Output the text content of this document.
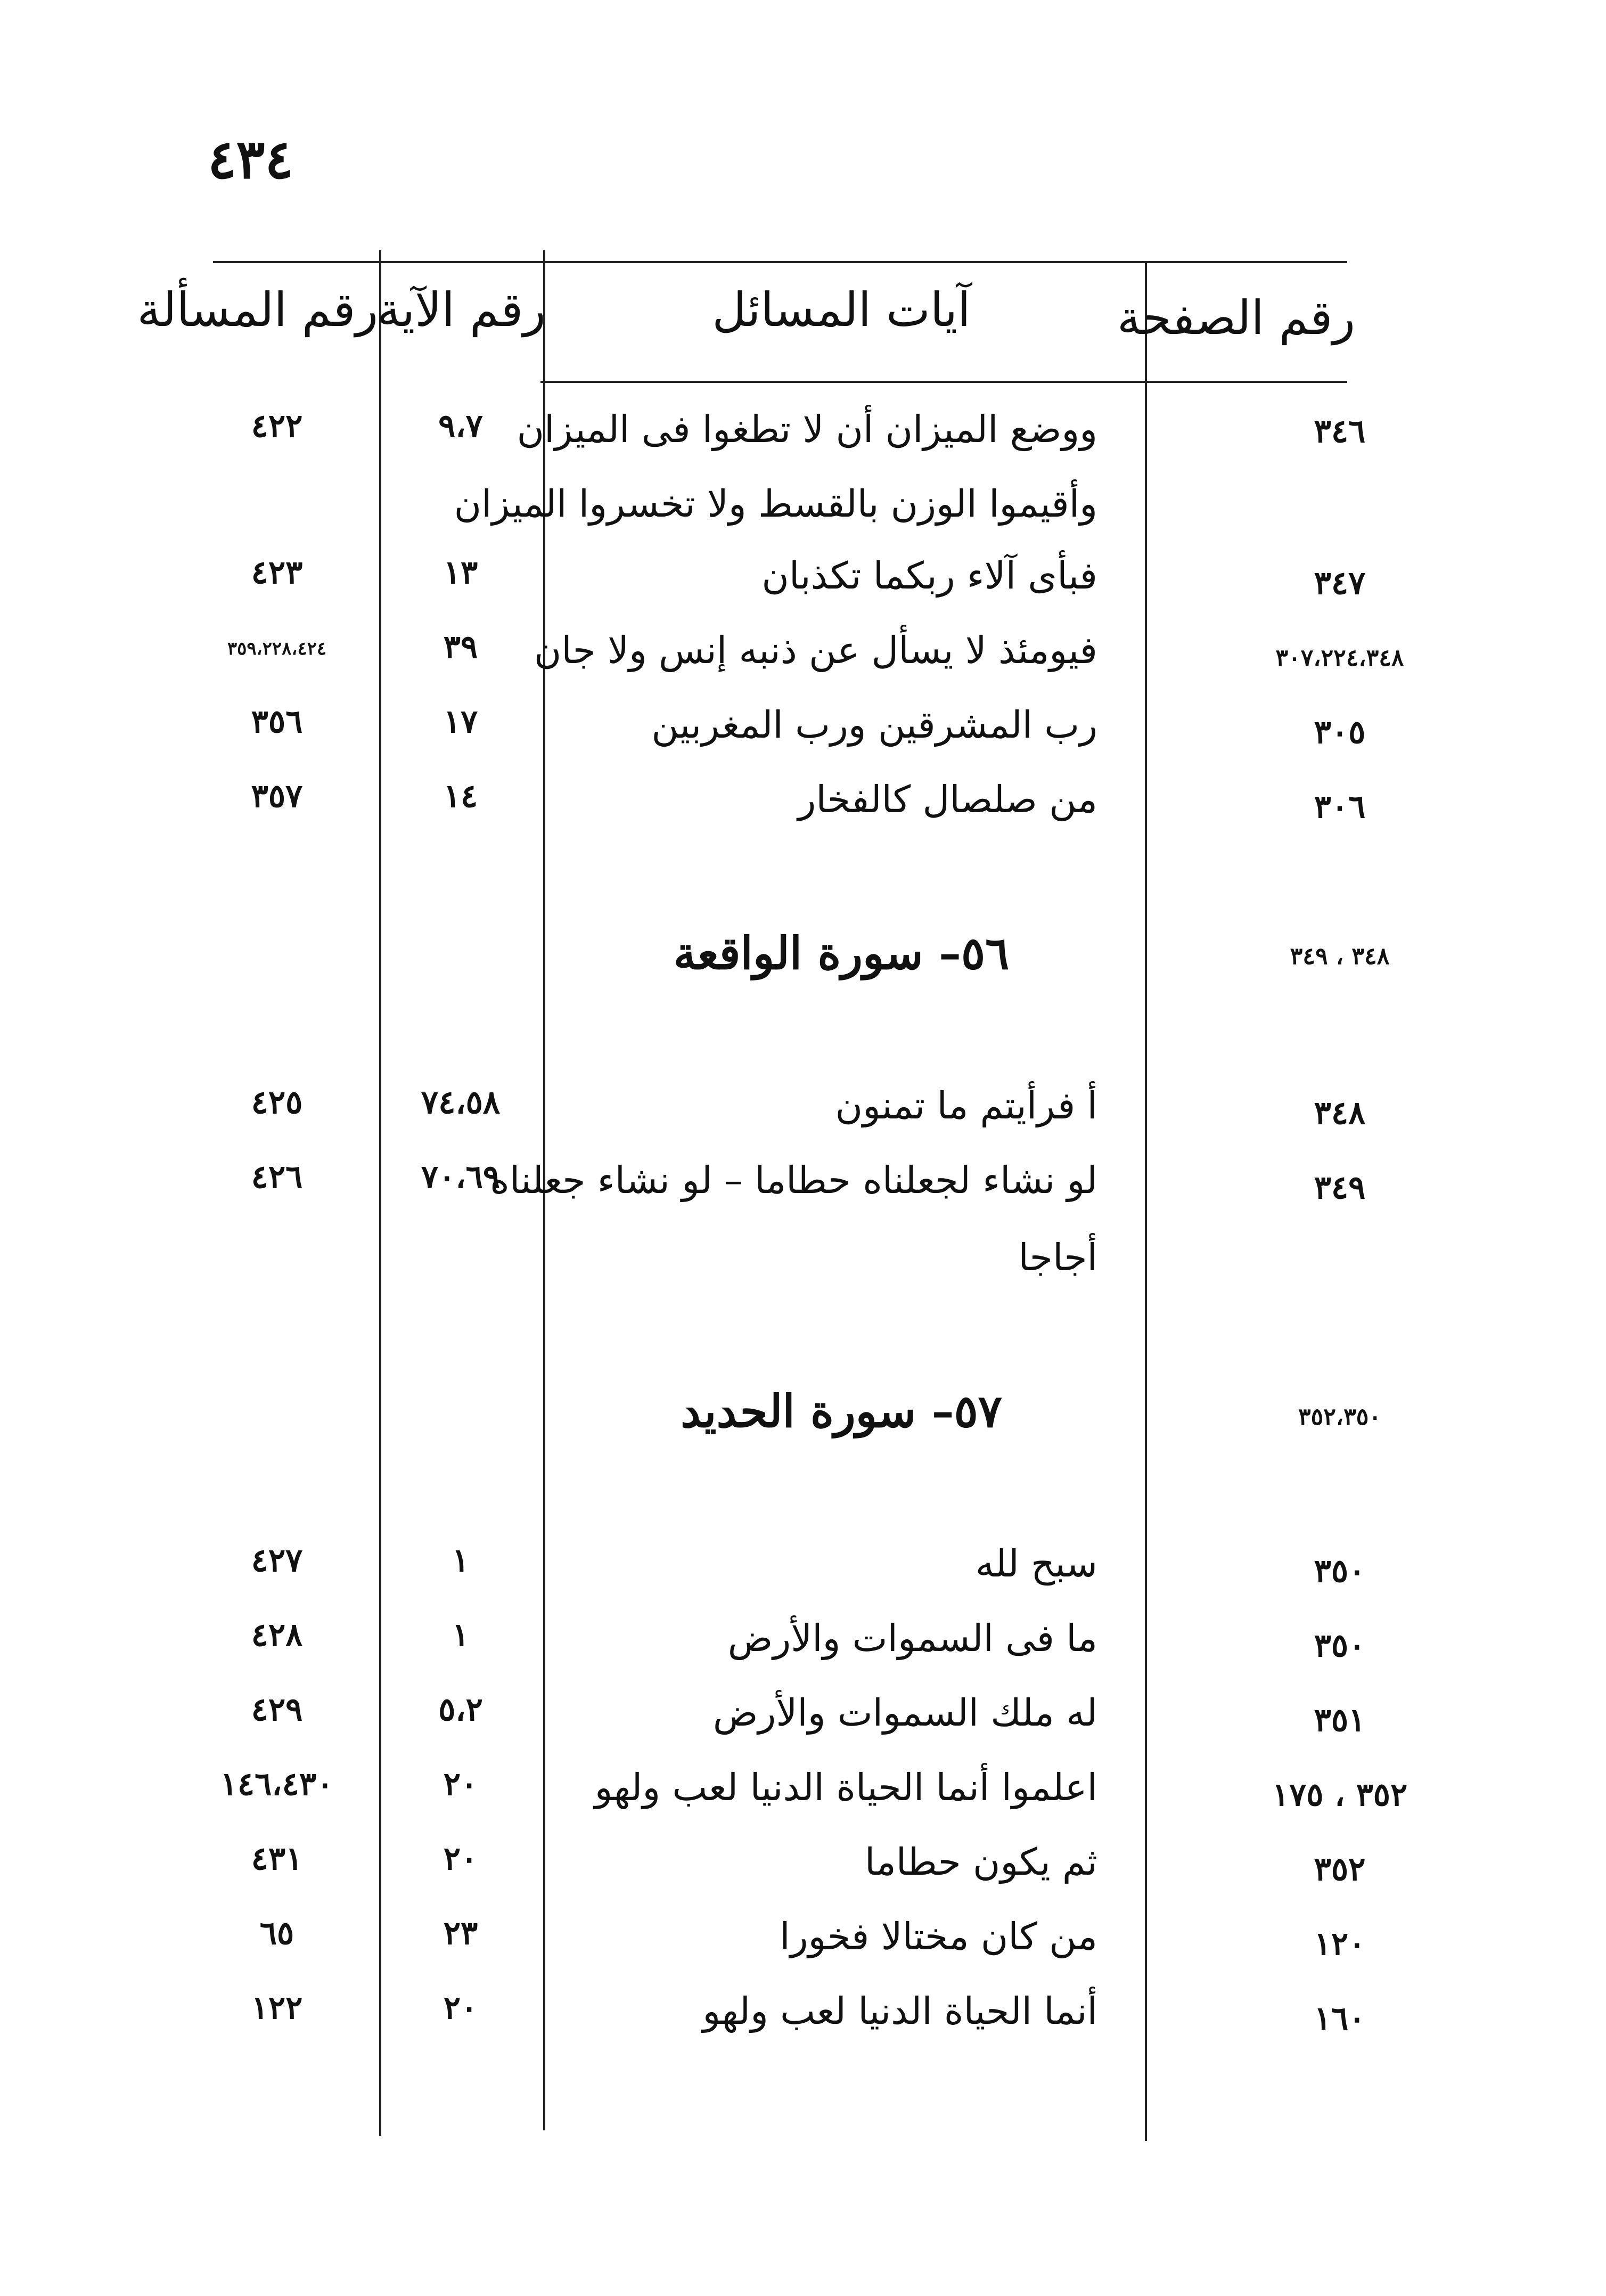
٤٣٤
رقم الصفحة
آيات المسائل
رقم الآية
رقم المسألة
٣٤٦
ووضع الميزان أن لا تطغوا فى الميزان
٩،٧
٤٢٢
وأقيموا الوزن بالقسط ولا تخسروا الميزان
٣٤٧
فبأى آلاء ربكما تكذبان
١٣
٤٢٣
٣٠٧،٢٢٤،٣٤٨
فيومئذ لا يسأل عن ذنبه إنس ولا جان
٣٩
٣٥٩،٢٢٨،٤٢٤
٣٠٥
رب المشرقين ورب المغربين
١٧
٣٥٦
٣٠٦
من صلصال كالفخار
١٤
٣٥٧
٣٤٨ ، ٣٤٩
٥٦– سورة الواقعة
٣٤٨
أ فرأيتم ما تمنون
٧٤،٥٨
٤٢٥
٣٤٩
لو نشاء لجعلناه حطاما – لو نشاء جعلناه
٧٠،٦٩
٤٢٦
أجاجا
٣٥٢،٣٥٠
٥٧– سورة الحديد
٣٥٠
سبح لله
١
٤٢٧
٣٥٠
ما فى السموات والأرض
١
٤٢٨
٣٥١
له ملك السموات والأرض
٥،٢
٤٢٩
٣٥٢ ، ١٧٥
اعلموا أنما الحياة الدنيا لعب ولهو
٢٠
١٤٦،٤٣٠
٣٥٢
ثم يكون حطاما
٢٠
٤٣١
١٢٠
من كان مختالا فخورا
٢٣
٦٥
١٦٠
أنما الحياة الدنيا لعب ولهو
٢٠
١٢٢
